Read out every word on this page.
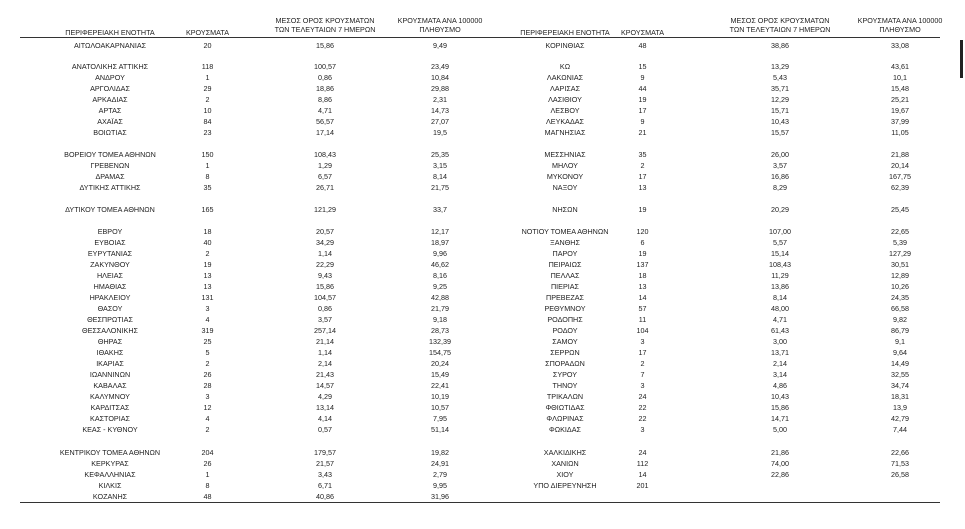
ΠΕΡΙΦΕΡΕΙΑΚΗ ΕΝΟΤΗΤΑ	ΚΡΟΥΣΜΑΤΑ
ΜΕΣΟΣ ΟΡΟΣ ΚΡΟΥΣΜΑΤΩΝ
ΤΩΝ ΤΕΛΕΥΤΑΙΩΝ 7 ΗΜΕΡΩΝ
ΚΡΟΥΣΜΑΤΑ ΑΝΑ 100000
ΠΛΗΘΥΣΜΟ	ΠΕΡΙΦΕΡΕΙΑΚΗ ΕΝΟΤΗΤΑ	ΚΡΟΥΣΜΑΤΑ
ΜΕΣΟΣ ΟΡΟΣ ΚΡΟΥΣΜΑΤΩΝ
ΤΩΝ ΤΕΛΕΥΤΑΙΩΝ 7 ΗΜΕΡΩΝ
ΚΡΟΥΣΜΑΤΑ ΑΝΑ 100000
ΠΛΗΘΥΣΜΟ
ΑΙΤΩΛΟΑΚΑΡΝΑΝΙΑΣ	20	15,86	9,49	ΚΟΡΙΝΘΙΑΣ	48	38,86	33,08
ΑΝΑΤΟΛΙΚΗΣ ΑΤΤΙΚΗΣ	118	100,57	23,49	ΚΩ	15	13,29	43,61
ΑΝΔΡΟΥ	1	0,86	10,84	ΛΑΚΩΝΙΑΣ	9	5,43	10,1
ΑΡΓΟΛΙΔΑΣ	29	18,86	29,88	ΛΑΡΙΣΑΣ	44	35,71	15,48
ΑΡΚΑΔΙΑΣ	2	8,86	2,31	ΛΑΣΙΘΙΟΥ	19	12,29	25,21
ΑΡΤΑΣ	10	4,71	14,73	ΛΕΣΒΟΥ	17	15,71	19,67
ΑΧΑΪΑΣ	84	56,57	27,07	ΛΕΥΚΑΔΑΣ	9	10,43	37,99
ΒΟΙΩΤΙΑΣ	23	17,14	19,5	ΜΑΓΝΗΣΙΑΣ	21	15,57	11,05
ΒΟΡΕΙΟΥ ΤΟΜΕΑ ΑΘΗΝΩΝ	150	108,43	25,35	ΜΕΣΣΗΝΙΑΣ	35	26,00	21,88
ΓΡΕΒΕΝΩΝ	1	1,29	3,15	ΜΗΛΟΥ	2	3,57	20,14
ΔΡΑΜΑΣ	8	6,57	8,14	ΜΥΚΟΝΟΥ	17	16,86	167,75
ΔΥΤΙΚΗΣ ΑΤΤΙΚΗΣ	35	26,71	21,75	ΝΑΞΟΥ	13	8,29	62,39
ΔΥΤΙΚΟΥ ΤΟΜΕΑ ΑΘΗΝΩΝ	165	121,29	33,7	ΝΗΣΩΝ	19	20,29	25,45
ΕΒΡΟΥ	18	20,57	12,17	ΝΟΤΙΟΥ ΤΟΜΕΑ ΑΘΗΝΩΝ	120	107,00	22,65
ΕΥΒΟΙΑΣ	40	34,29	18,97	ΞΑΝΘΗΣ	6	5,57	5,39
ΕΥΡΥΤΑΝΙΑΣ	2	1,14	9,96	ΠΑΡΟΥ	19	15,14	127,29
ΖΑΚΥΝΘΟΥ	19	22,29	46,62	ΠΕΙΡΑΙΩΣ	137	108,43	30,51
ΗΛΕΙΑΣ	13	9,43	8,16	ΠΕΛΛΑΣ	18	11,29	12,89
ΗΜΑΘΙΑΣ	13	15,86	9,25	ΠΙΕΡΙΑΣ	13	13,86	10,26
ΗΡΑΚΛΕΙΟΥ	131	104,57	42,88	ΠΡΕΒΕΖΑΣ	14	8,14	24,35
ΘΑΣΟΥ	3	0,86	21,79	ΡΕΘΥΜΝΟΥ	57	48,00	66,58
ΘΕΣΠΡΩΤΙΑΣ	4	3,57	9,18	ΡΟΔΟΠΗΣ	11	4,71	9,82
ΘΕΣΣΑΛΟΝΙΚΗΣ	319	257,14	28,73	ΡΟΔΟΥ	104	61,43	86,79
ΘΗΡΑΣ	25	21,14	132,39	ΣΑΜΟΥ	3	3,00	9,1
ΙΘΑΚΗΣ	5	1,14	154,75	ΣΕΡΡΩΝ	17	13,71	9,64
ΙΚΑΡΙΑΣ	2	2,14	20,24	ΣΠΟΡΑΔΩΝ	2	2,14	14,49
ΙΩΑΝΝΙΝΩΝ	26	21,43	15,49	ΣΥΡΟΥ	7	3,14	32,55
ΚΑΒΑΛΑΣ	28	14,57	22,41	ΤΗΝΟΥ	3	4,86	34,74
ΚΑΛΥΜΝΟΥ	3	4,29	10,19	ΤΡΙΚΑΛΩΝ	24	10,43	18,31
ΚΑΡΔΙΤΣΑΣ	12	13,14	10,57	ΦΘΙΩΤΙΔΑΣ	22	15,86	13,9
ΚΑΣΤΟΡΙΑΣ	4	4,14	7,95	ΦΛΩΡΙΝΑΣ	22	14,71	42,79
ΚΕΑΣ - ΚΥΘΝΟΥ	2	0,57	51,14	ΦΩΚΙΔΑΣ	3	5,00	7,44
ΚΕΝΤΡΙΚΟΥ ΤΟΜΕΑ ΑΘΗΝΩΝ	204	179,57	19,82	ΧΑΛΚΙΔΙΚΗΣ	24	21,86	22,66
ΚΕΡΚΥΡΑΣ	26	21,57	24,91	ΧΑΝΙΩΝ	112	74,00	71,53
ΚΕΦΑΛΛΗΝΙΑΣ	1	3,43	2,79	ΧΙΟΥ	14	22,86	26,58
ΚΙΛΚΙΣ	8	6,71	9,95	ΥΠΟ ΔΙΕΡΕΥΝΗΣΗ	201
ΚΟΖΑΝΗΣ	48	40,86	31,96
